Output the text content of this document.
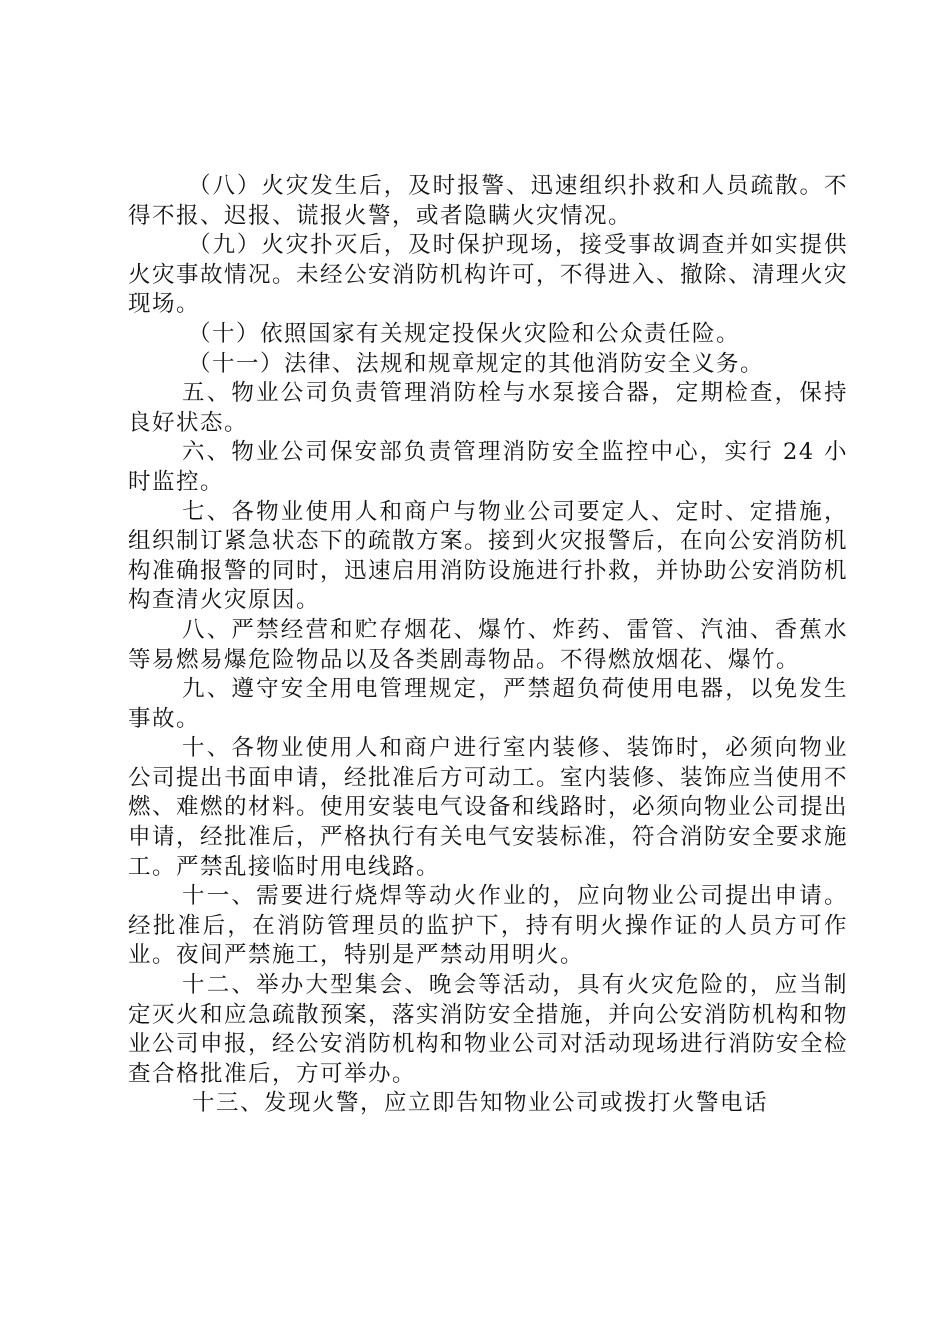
（八）火灾发生后，及时报警、迅速组织扑救和人员疏散。不得不报、迟报、谎报火警，或者隐瞒火灾情况。

（九）火灾扑灭后，及时保护现场，接受事故调查并如实提供火灾事故情况。未经公安消防机构许可，不得进入、撤除、清理火灾现场。

（十）依照国家有关规定投保火灾险和公众责任险。

（十一）法律、法规和规章规定的其他消防安全义务。

五、物业公司负责管理消防栓与水泵接合器，定期检查，保持良好状态。

六、物业公司保安部负责管理消防安全监控中心，实行 24 小时监控。

七、各物业使用人和商户与物业公司要定人、定时、定措施，组织制订紧急状态下的疏散方案。接到火灾报警后，在向公安消防机构准确报警的同时，迅速启用消防设施进行扑救，并协助公安消防机构查清火灾原因。

八、严禁经营和贮存烟花、爆竹、炸药、雷管、汽油、香蕉水等易燃易爆危险物品以及各类剧毒物品。不得燃放烟花、爆竹。

九、遵守安全用电管理规定，严禁超负荷使用电器，以免发生事故。

十、各物业使用人和商户进行室内装修、装饰时，必须向物业公司提出书面申请，经批准后方可动工。室内装修、装饰应当使用不燃、难燃的材料。使用安装电气设备和线路时，必须向物业公司提出申请，经批准后，严格执行有关电气安装标准，符合消防安全要求施工。严禁乱接临时用电线路。

十一、需要进行烧焊等动火作业的，应向物业公司提出申请。经批准后，在消防管理员的监护下，持有明火操作证的人员方可作业。夜间严禁施工，特别是严禁动用明火。

十二、举办大型集会、晚会等活动，具有火灾危险的，应当制定灭火和应急疏散预案，落实消防安全措施，并向公安消防机构和物业公司申报，经公安消防机构和物业公司对活动现场进行消防安全检查合格批准后，方可举办。

十三、发现火警，应立即告知物业公司或拨打火警电话
